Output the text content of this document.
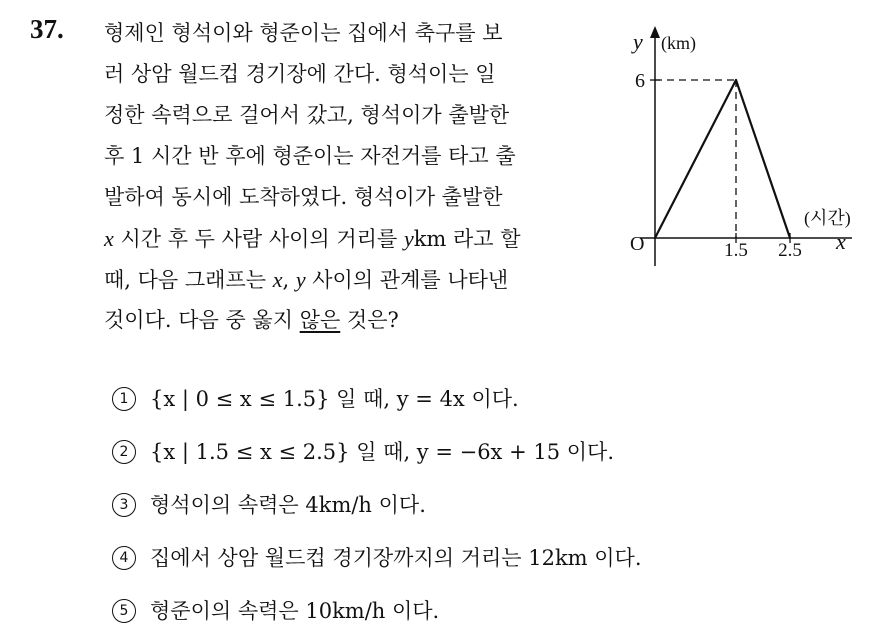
37. 형제인 형석이와 형준이는 집에서 축구를 보
러 상암 월드컵 경기장에 간다. 형석이는 일
정한 속력으로 걸어서 갔고, 형석이가 출발한
후 1 시간 반 후에 형준이는 자전거를 타고 출
발하여 동시에 도착하였다. 형석이가 출발한
x 시간 후 두 사람 사이의 거리를 ykm 라고 할
때, 다음 그래프는 x, y 사이의 관계를 나타낸
것이다. 다음 중 옳지 않은 것은?
y (km)
x
(시간)
O
6
1.5 2.5
1	{x | 0 ≤ x ≤ 1.5} 일 때, y = 4x 이다.
2	{x | 1.5 ≤ x ≤ 2.5} 일 때, y = −6x + 15 이다.
3	형석이의 속력은 4km/h 이다.
4	집에서 상암 월드컵 경기장까지의 거리는 12km 이다.
5	형준이의 속력은 10km/h 이다.
